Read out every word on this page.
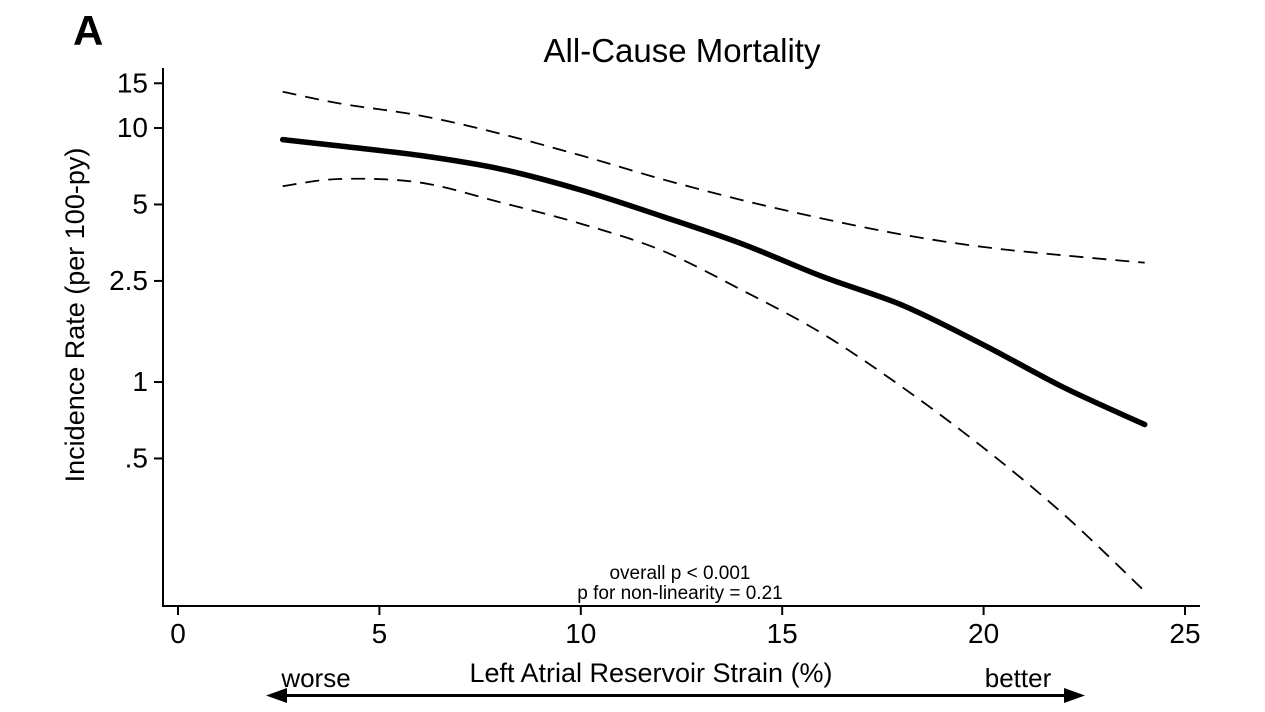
A	All-Cause Mortality
15
10
5
2.5
1
.5
Incidence Rate (per 100-py)
0	5	10	15	20	25
Left Atrial Reservoir Strain (%)
overall p < 0.001
p for non-linearity = 0.21
worse	better
